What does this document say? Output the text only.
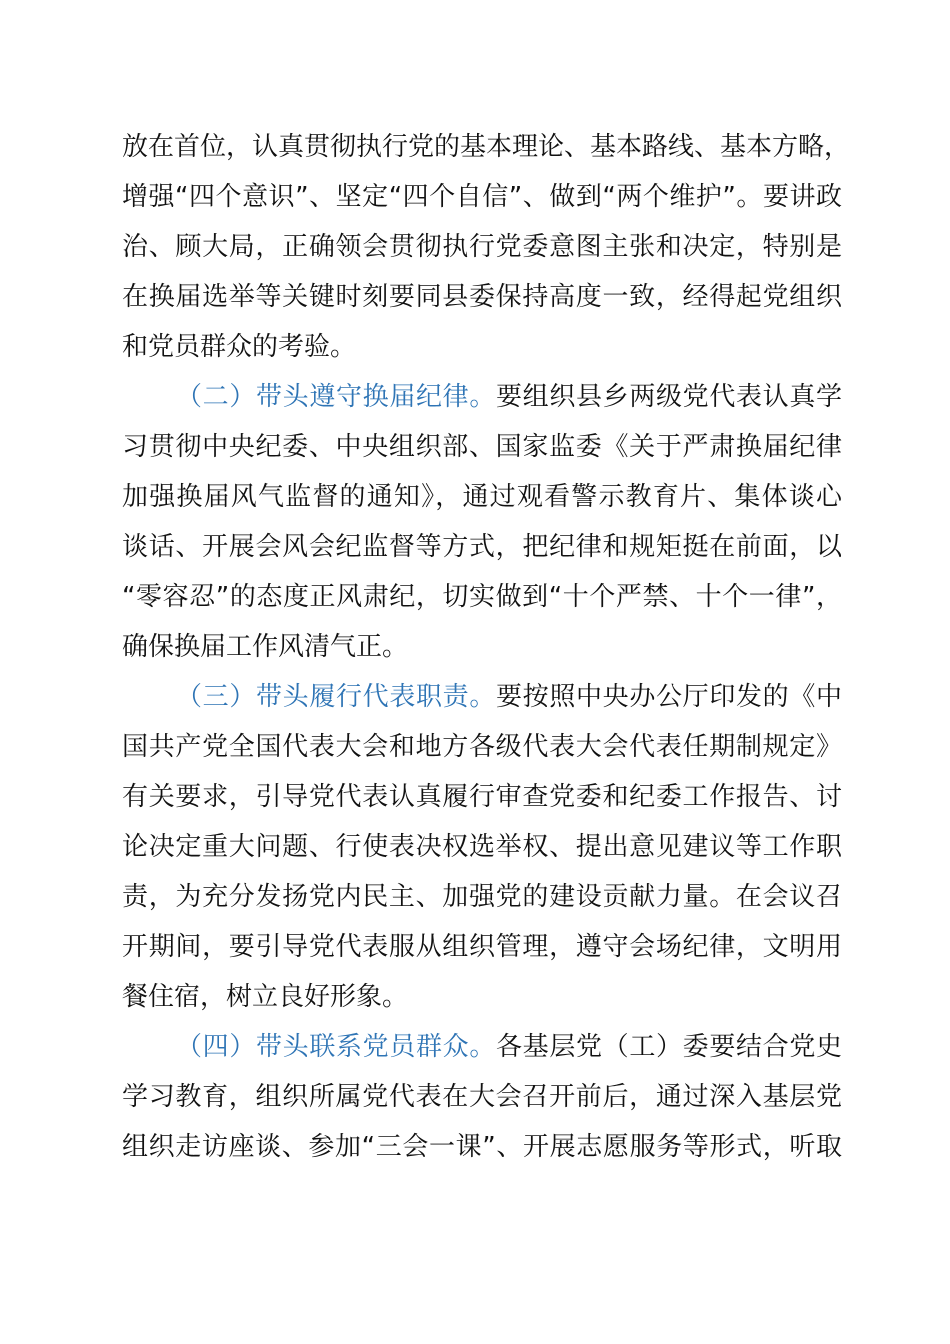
放在首位，认真贯彻执行党的基本理论、基本路线、基本方略，
增强“四个意识”、坚定“四个自信”、做到“两个维护”。要讲政
治、顾大局，正确领会贯彻执行党委意图主张和决定，特别是
在换届选举等关键时刻要同县委保持高度一致，经得起党组织
和党员群众的考验。
（二）带头遵守换届纪律。要组织县乡两级党代表认真学
习贯彻中央纪委、中央组织部、国家监委《关于严肃换届纪律
加强换届风气监督的通知》，通过观看警示教育片、集体谈心
谈话、开展会风会纪监督等方式，把纪律和规矩挺在前面，以
“零容忍”的态度正风肃纪，切实做到“十个严禁、十个一律”，
确保换届工作风清气正。
（三）带头履行代表职责。要按照中央办公厅印发的《中
国共产党全国代表大会和地方各级代表大会代表任期制规定》
有关要求，引导党代表认真履行审查党委和纪委工作报告、讨
论决定重大问题、行使表决权选举权、提出意见建议等工作职
责，为充分发扬党内民主、加强党的建设贡献力量。在会议召
开期间，要引导党代表服从组织管理，遵守会场纪律，文明用
餐住宿，树立良好形象。
（四）带头联系党员群众。各基层党（工）委要结合党史
学习教育，组织所属党代表在大会召开前后，通过深入基层党
组织走访座谈、参加“三会一课”、开展志愿服务等形式，听取
